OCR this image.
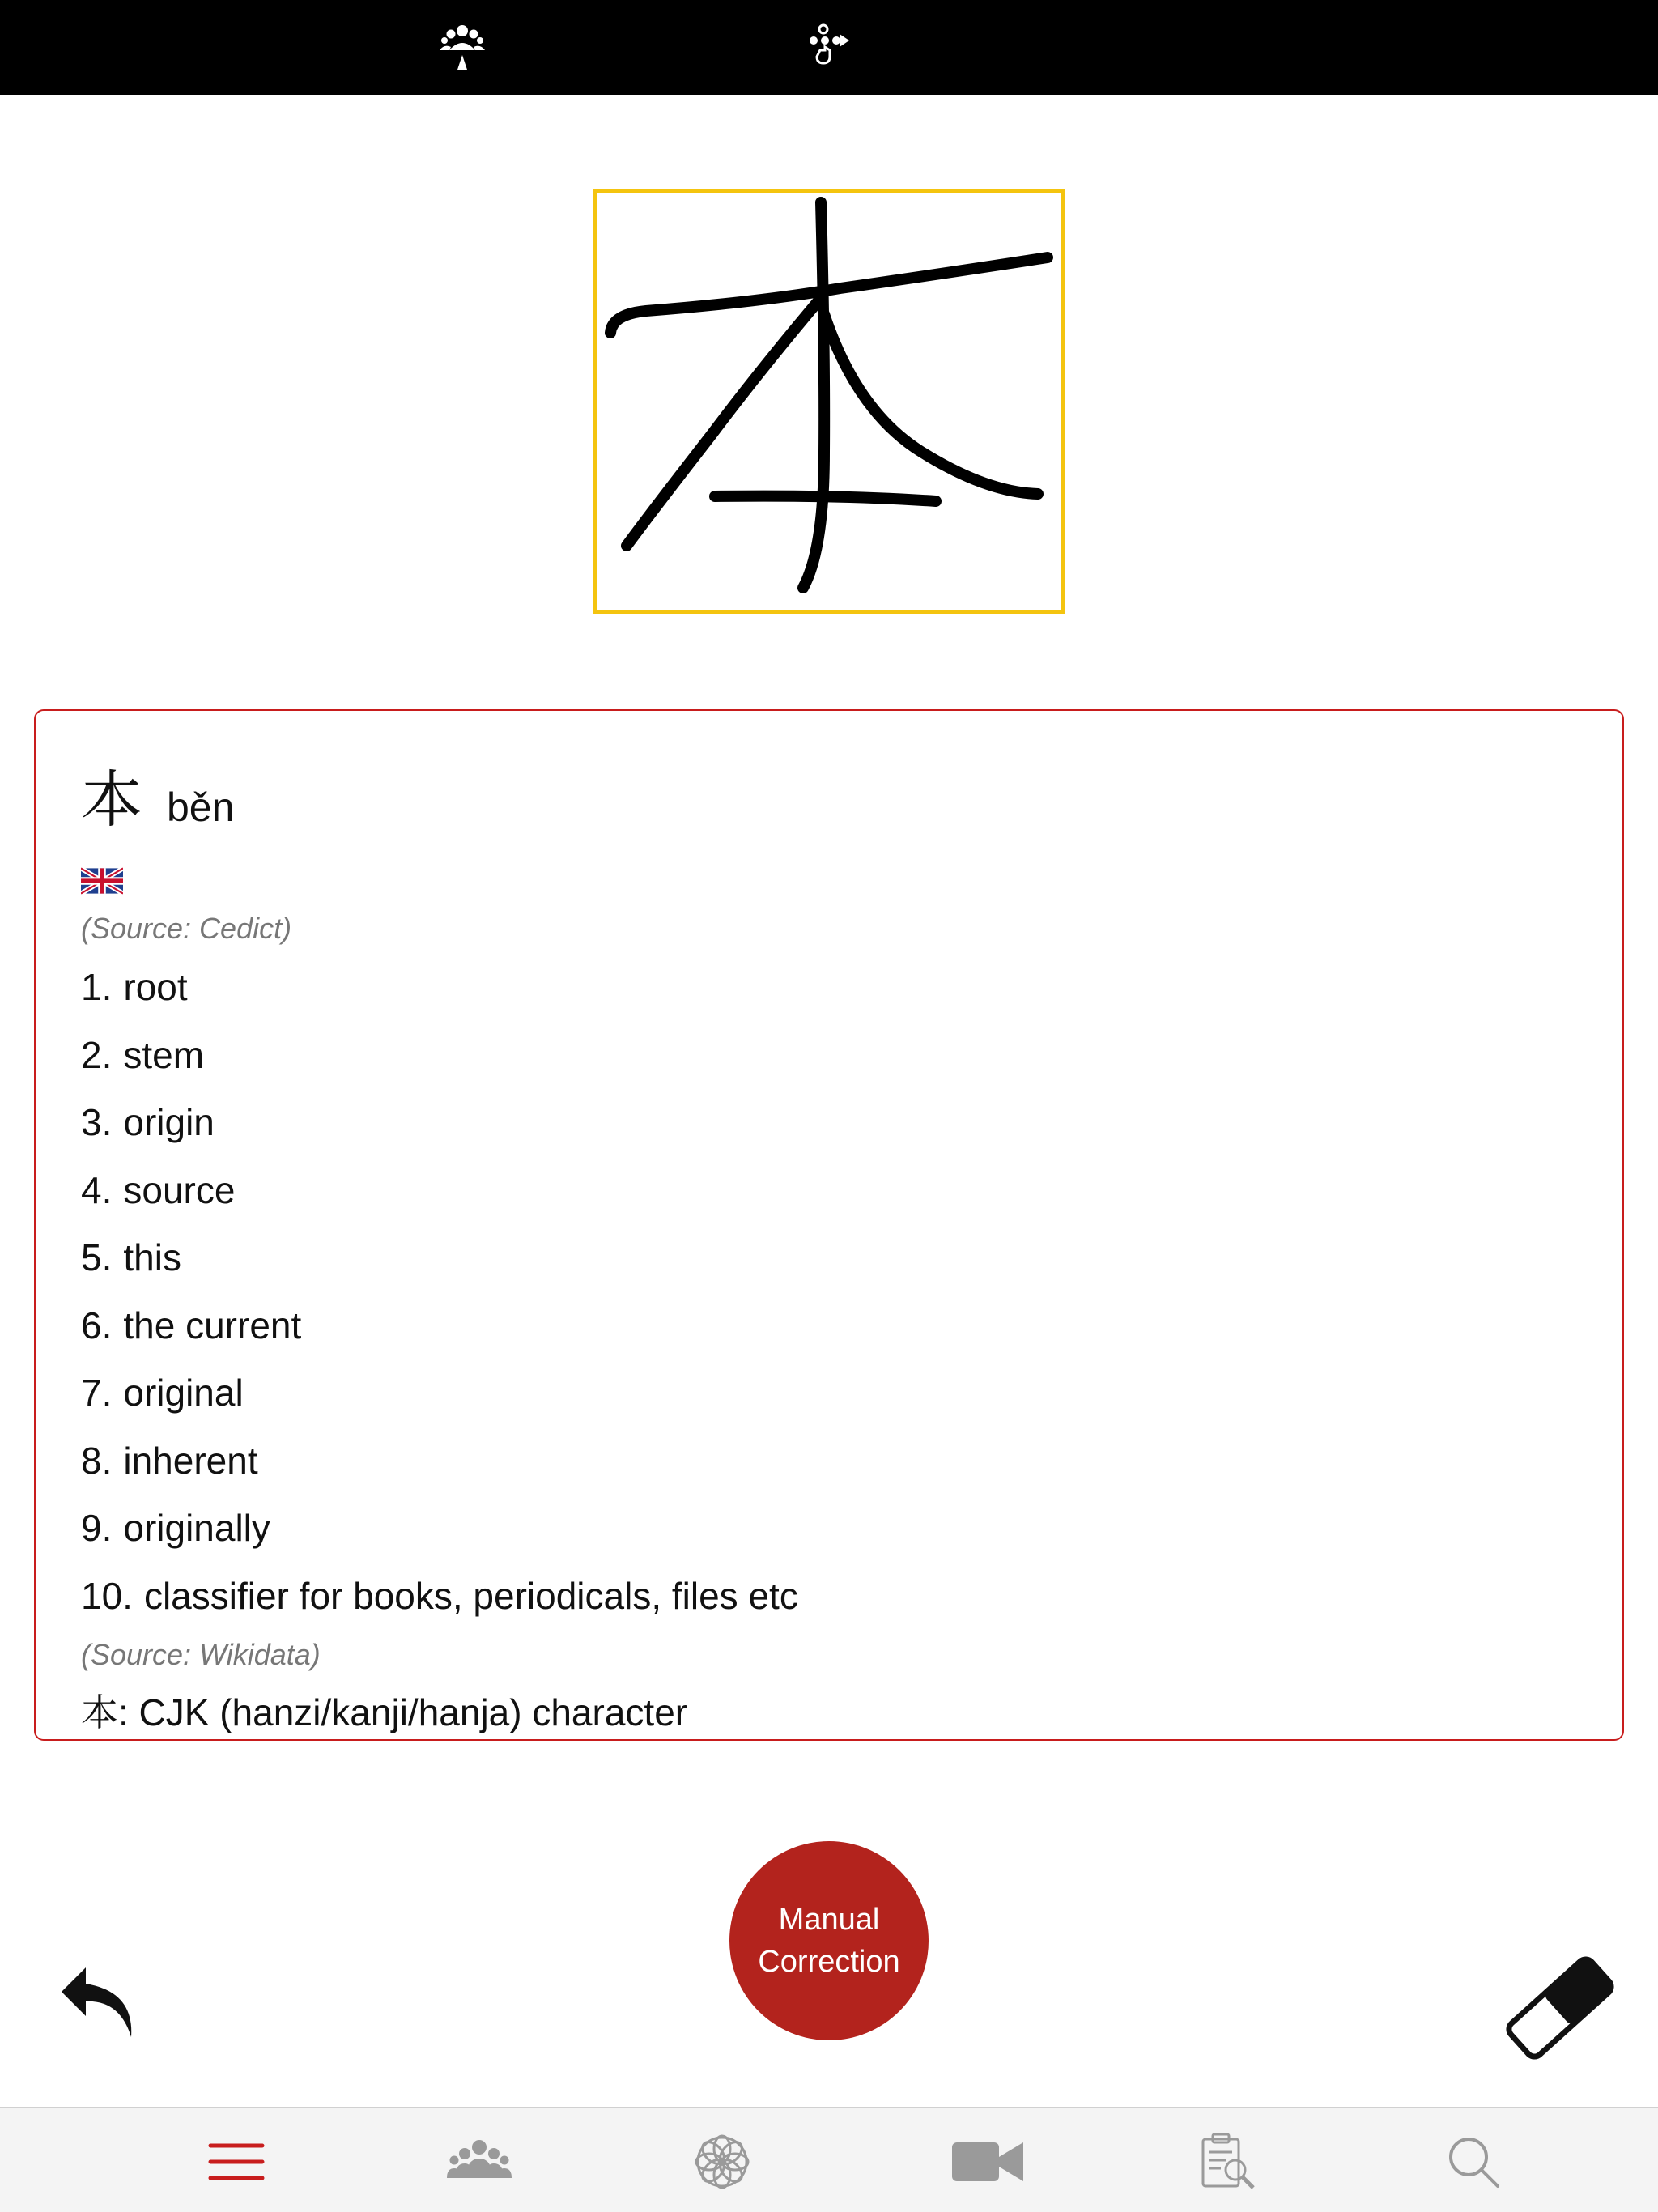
本 běn
(Source: Cedict)
1. root
2. stem
3. origin
4. source
5. this
6. the current
7. original
8. inherent
9. originally
10. classifier for books, periodicals, files etc
(Source: Wikidata)
本: CJK (hanzi/kanji/hanja) character
Manual
Correction
